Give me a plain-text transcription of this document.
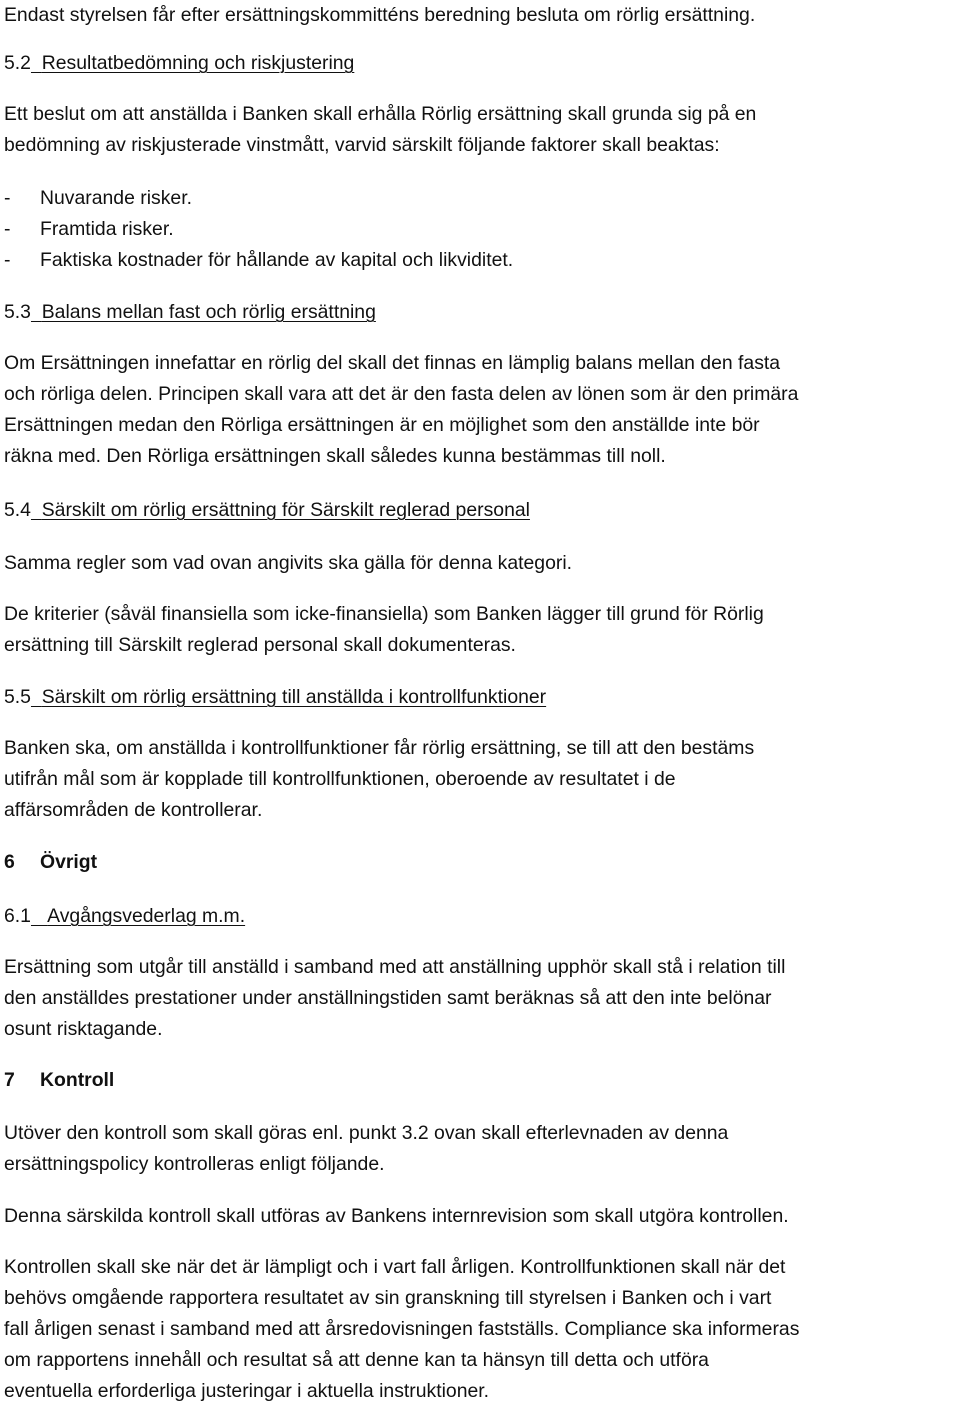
Endast styrelsen får efter ersättningskommitténs beredning besluta om rörlig ersättning.
5.2 Resultatbedömning och riskjustering
Ett beslut om att anställda i Banken skall erhålla Rörlig ersättning skall grunda sig på en
bedömning av riskjusterade vinstmått, varvid särskilt följande faktorer skall beaktas:
- Nuvarande risker.
- Framtida risker.
- Faktiska kostnader för hållande av kapital och likviditet.
5.3 Balans mellan fast och rörlig ersättning
Om Ersättningen innefattar en rörlig del skall det finnas en lämplig balans mellan den fasta
och rörliga delen. Principen skall vara att det är den fasta delen av lönen som är den primära
Ersättningen medan den Rörliga ersättningen är en möjlighet som den anställde inte bör
räkna med. Den Rörliga ersättningen skall således kunna bestämmas till noll.
5.4 Särskilt om rörlig ersättning för Särskilt reglerad personal
Samma regler som vad ovan angivits ska gälla för denna kategori.
De kriterier (såväl finansiella som icke-finansiella) som Banken lägger till grund för Rörlig
ersättning till Särskilt reglerad personal skall dokumenteras.
5.5 Särskilt om rörlig ersättning till anställda i kontrollfunktioner
Banken ska, om anställda i kontrollfunktioner får rörlig ersättning, se till att den bestäms
utifrån mål som är kopplade till kontrollfunktionen, oberoende av resultatet i de
affärsområden de kontrollerar.
6 Övrigt
6.1 Avgångsvederlag m.m.
Ersättning som utgår till anställd i samband med att anställning upphör skall stå i relation till
den anställdes prestationer under anställningstiden samt beräknas så att den inte belönar
osunt risktagande.
7 Kontroll
Utöver den kontroll som skall göras enl. punkt 3.2 ovan skall efterlevnaden av denna
ersättningspolicy kontrolleras enligt följande.
Denna särskilda kontroll skall utföras av Bankens internrevision som skall utgöra kontrollen.
Kontrollen skall ske när det är lämpligt och i vart fall årligen. Kontrollfunktionen skall när det
behövs omgående rapportera resultatet av sin granskning till styrelsen i Banken och i vart
fall årligen senast i samband med att årsredovisningen fastställs. Compliance ska informeras
om rapportens innehåll och resultat så att denne kan ta hänsyn till detta och utföra
eventuella erforderliga justeringar i aktuella instruktioner.
